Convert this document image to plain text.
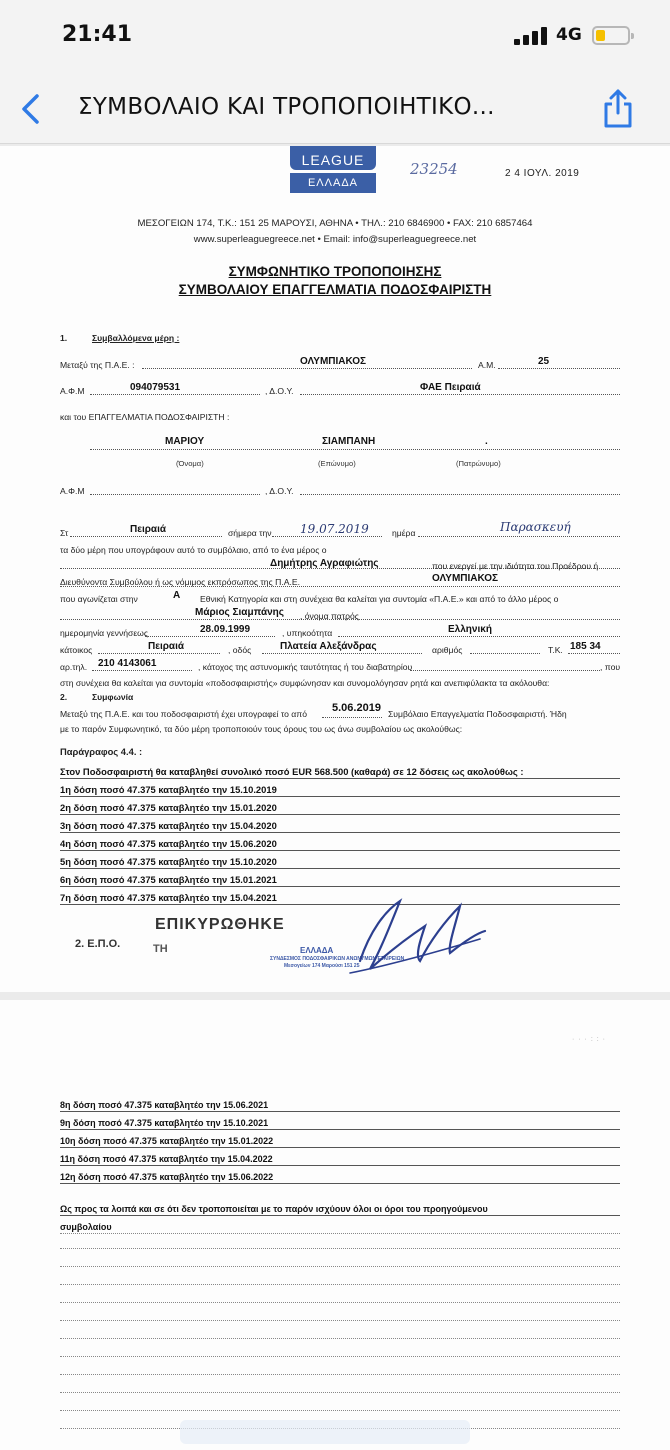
21:41	4G
ΣΥΜΒΟΛΑΙΟ ΚΑΙ ΤΡΟΠΟΠΟΙΗΤΙΚΟ...
LEAGUE
ΕΛΛΑΔΑ
23254	2 4 ΙΟΥΛ. 2019
ΜΕΣΟΓΕΙΩΝ 174, Τ.Κ.: 151 25 ΜΑΡΟΥΣΙ, ΑΘΗΝΑ • ΤΗΛ.: 210 6846900 • FAX: 210 6857464
www.superleaguegreece.net • Email: info@superleaguegreece.net
ΣΥΜΦΩΝΗΤΙΚΟ ΤΡΟΠΟΠΟΙΗΣΗΣ
ΣΥΜΒΟΛΑΙΟΥ ΕΠΑΓΓΕΛΜΑΤΙΑ ΠΟΔΟΣΦΑΙΡΙΣΤΗ
1.	Συμβαλλόμενα μέρη :
Μεταξύ της Π.Α.Ε. :	ΟΛΥΜΠΙΑΚΟΣ	Α.Μ.	25
Α.Φ.Μ	094079531	, Δ.Ο.Υ.	ΦΑΕ Πειραιά
και του ΕΠΑΓΓΕΛΜΑΤΙΑ ΠΟΔΟΣΦΑΙΡΙΣΤΗ :
ΜΑΡΙΟΥ	ΣΙΑΜΠΑΝΗ	.
(Όνομα)	(Επώνυμο)	(Πατρώνυμο)
Α.Φ.Μ	, Δ.Ο.Υ.
Στ	Πειραιά	σήμερα την 19.07.2019	ημέρα	Παρασκευή
τα δύο μέρη που υπογράφουν αυτό το συμβόλαιο, από το ένα μέρος ο
Δημήτρης Αγραφιώτης	που ενεργεί με την ιδιότητα του Προέδρου ή
Διευθύνοντα Συμβούλου ή ως νόμιμος εκπρόσωπος της Π.Α.Ε.	ΟΛΥΜΠΙΑΚΟΣ
που αγωνίζεται στην	Α Εθνική Κατηγορία και στη συνέχεια θα καλείται για συντομία «Π.Α.Ε.» και από το άλλο μέρος ο
Μάριος Σιαμπάνης , όνομα πατρός
ημερομηνία γεννήσεως	28.09.1999	, υπηκοότητα	Ελληνική
κάτοικος	Πειραιά	, οδός	Πλατεία Αλεξάνδρας	αριθμός	Τ.Κ. 185 34
αρ.τηλ. 210 4143061	, κάτοχος της αστυνομικής ταυτότητας ή του διαβατηρίου	, που
στη συνέχεια θα καλείται για συντομία «ποδοσφαιριστής» συμφώνησαν και συνομολόγησαν ρητά και ανεπιφύλακτα τα ακόλουθα:
2.	Συμφωνία
Μεταξύ της Π.Α.Ε. και του ποδοσφαιριστή έχει υπογραφεί το από 5.06.2019 Συμβόλαιο Επαγγελματία Ποδοσφαιριστή. Ήδη
με το παρόν Συμφωνητικό, τα δύο μέρη τροποποιούν τους όρους του ως άνω συμβολαίου ως ακολούθως:
Παράγραφος 4.4. :
Στον Ποδοσφαιριστή θα καταβληθεί συνολικό ποσό EUR 568.500 (καθαρά) σε 12 δόσεις ως ακολούθως :
1η δόση ποσό 47.375 καταβλητέο την 15.10.2019
2η δόση ποσό 47.375 καταβλητέο την 15.01.2020
3η δόση ποσό 47.375 καταβλητέο την 15.04.2020
4η δόση ποσό 47.375 καταβλητέο την 15.06.2020
5η δόση ποσό 47.375 καταβλητέο την 15.10.2020
6η δόση ποσό 47.375 καταβλητέο την 15.01.2021
7η δόση ποσό 47.375 καταβλητέο την 15.04.2021
ΕΠΙΚΥΡΩΘΗΚΕ
2. Ε.Π.Ο.	ΤΗ	ΕΛΛΑΔΑ
ΣΥΝΔΕΣΜΟΣ ΠΟΔΟΣΦΑΙΡΙΚΩΝ ΑΝΩΝΥΜΩΝ ΕΤΑΙΡΕΙΩΝ
Μεσογείων 174 Μαρούσι 151 25
· · · : : ·
8η δόση ποσό 47.375 καταβλητέο την 15.06.2021
9η δόση ποσό 47.375 καταβλητέο την 15.10.2021
10η δόση ποσό 47.375 καταβλητέο την 15.01.2022
11η δόση ποσό 47.375 καταβλητέο την 15.04.2022
12η δόση ποσό 47.375 καταβλητέο την 15.06.2022
Ως προς τα λοιπά και σε ότι δεν τροποποιείται με το παρόν ισχύουν όλοι οι όροι του προηγούμενου
συμβολαίου
